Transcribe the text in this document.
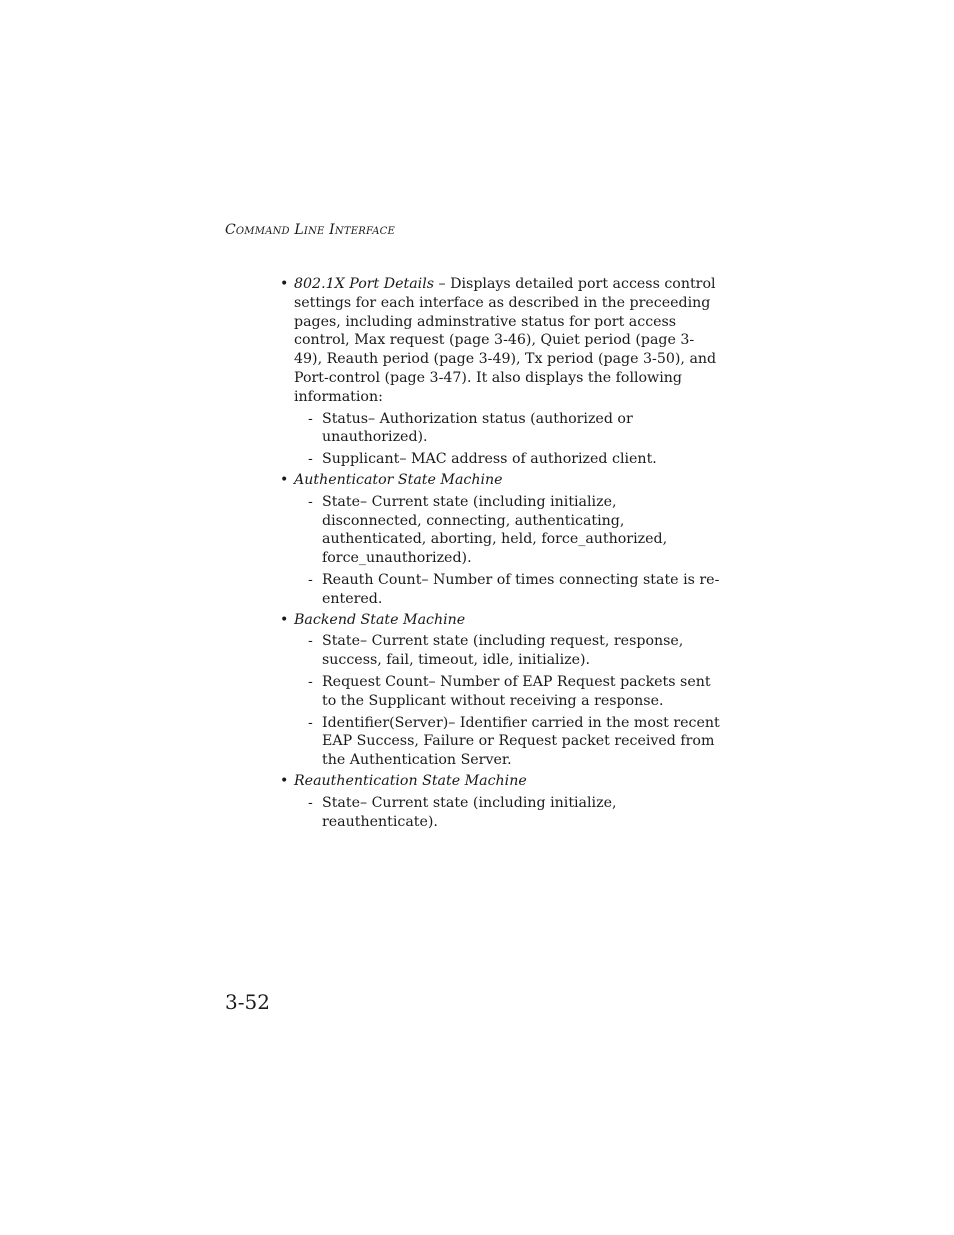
Command Line Interface
• 802.1X Port Details – Displays detailed port access control settings for each interface as described in the preceeding pages, including adminstrative status for port access control, Max request (page 3-46), Quiet period (page 3-49), Reauth period (page 3-49), Tx period (page 3-50), and Port-control (page 3-47). It also displays the following information:
- Status– Authorization status (authorized or unauthorized).
- Supplicant– MAC address of authorized client.
• Authenticator State Machine
- State– Current state (including initialize, disconnected, connecting, authenticating, authenticated, aborting, held, force_authorized, force_unauthorized).
- Reauth Count– Number of times connecting state is re-entered.
• Backend State Machine
- State– Current state (including request, response, success, fail, timeout, idle, initialize).
- Request Count– Number of EAP Request packets sent to the Supplicant without receiving a response.
- Identifier(Server)– Identifier carried in the most recent EAP Success, Failure or Request packet received from the Authentication Server.
• Reauthentication State Machine
- State– Current state (including initialize, reauthenticate).
3-52
